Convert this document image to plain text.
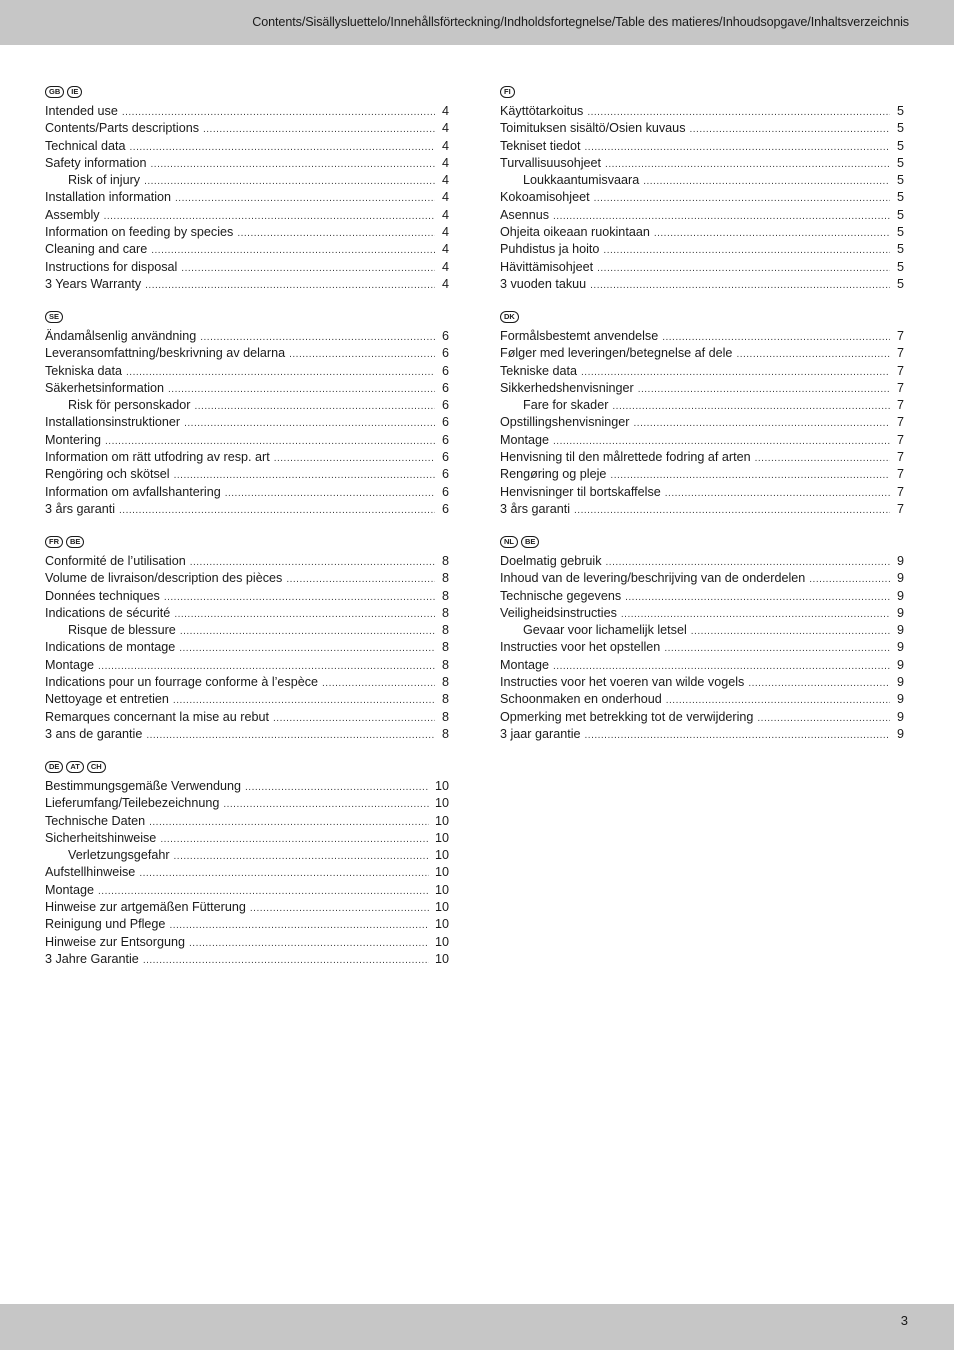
Contents/Sisällysluettelo/Innehållsförteckning/Indholdsfortegnelse/Table des matieres/Inhoudsopgave/Inhaltsverzeichnis
GB	IE
Intended use .....	4
Contents/Parts descriptions .....	4
Technical data .....	4
Safety information .....	4
Risk of injury .....	4
Installation information .....	4
Assembly .....	4
Information on feeding by species .....	4
Cleaning and care .....	4
Instructions for disposal .....	4
3 Years Warranty .....	4
SE
Ändamålsenlig användning .....	6
Leveransomfattning/beskrivning av delarna .....	6
Tekniska data .....	6
Säkerhetsinformation .....	6
Risk för personskador .....	6
Installationsinstruktioner .....	6
Montering .....	6
Information om rätt utfodring av resp. art .....	6
Rengöring och skötsel .....	6
Information om avfallshantering .....	6
3 års garanti .....	6
FR	BE
Conformité de l’utilisation .....	8
Volume de livraison/description des pièces .....	8
Données techniques .....	8
Indications de sécurité .....	8
Risque de blessure .....	8
Indications de montage .....	8
Montage .....	8
Indications pour un fourrage conforme à l’espèce .....	8
Nettoyage et entretien .....	8
Remarques concernant la mise au rebut .....	8
3 ans de garantie .....	8
DE	AT	CH
Bestimmungsgemäße Verwendung .....	10
Lieferumfang/Teilebezeichnung .....	10
Technische Daten .....	10
Sicherheitshinweise .....	10
Verletzungsgefahr .....	10
Aufstellhinweise .....	10
Montage .....	10
Hinweise zur artgemäßen Fütterung .....	10
Reinigung und Pflege .....	10
Hinweise zur Entsorgung .....	10
3 Jahre Garantie .....	10
FI
Käyttötarkoitus .....	5
Toimituksen sisältö/Osien kuvaus .....	5
Tekniset tiedot .....	5
Turvallisuusohjeet .....	5
Loukkaantumisvaara .....	5
Kokoamisohjeet .....	5
Asennus .....	5
Ohjeita oikeaan ruokintaan .....	5
Puhdistus ja hoito .....	5
Hävittämisohjeet .....	5
3 vuoden takuu .....	5
DK
Formålsbestemt anvendelse .....	7
Følger med leveringen/betegnelse af dele .....	7
Tekniske data .....	7
Sikkerhedshenvisninger .....	7
Fare for skader .....	7
Opstillingshenvisninger .....	7
Montage .....	7
Henvisning til den målrettede fodring af arten .....	7
Rengøring og pleje .....	7
Henvisninger til bortskaffelse .....	7
3 års garanti .....	7
NL	BE
Doelmatig gebruik .....	9
Inhoud van de levering/beschrijving van de onderdelen .....	9
Technische gegevens .....	9
Veiligheidsinstructies .....	9
Gevaar voor lichamelijk letsel .....	9
Instructies voor het opstellen .....	9
Montage .....	9
Instructies voor het voeren van wilde vogels .....	9
Schoonmaken en onderhoud .....	9
Opmerking met betrekking tot de verwijdering .....	9
3 jaar garantie .....	9
3
